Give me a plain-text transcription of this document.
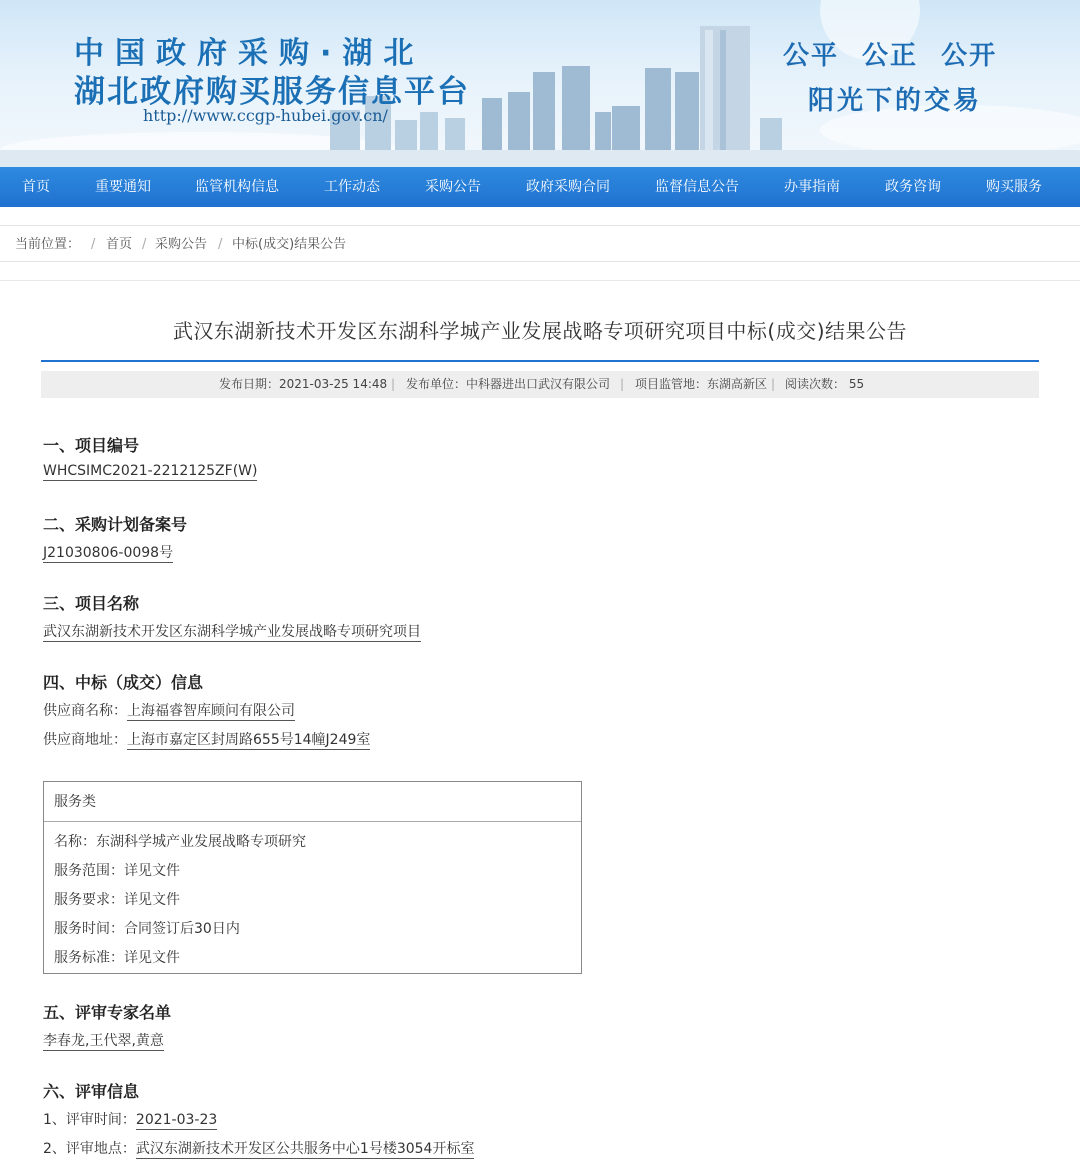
中国政府采购·湖北
湖北政府购买服务信息平台
http://www.ccgp-hubei.gov.cn/
公平 公正 公开
阳光下的交易
首页	重要通知	监管机构信息	工作动态	采购公告	政府采购合同	监督信息公告	办事指南	政务咨询	购买服务
当前位置： / 首页 / 采购公告 / 中标(成交)结果公告
武汉东湖新技术开发区东湖科学城产业发展战略专项研究项目中标(成交)结果公告
发布日期：2021-03-25 14:48 | 发布单位：中科器进出口武汉有限公司 | 项目监管地：东湖高新区 | 阅读次数： 55
一、项目编号
WHCSIMC2021-2212125ZF(W)
二、采购计划备案号
J21030806-0098号
三、项目名称
武汉东湖新技术开发区东湖科学城产业发展战略专项研究项目
四、中标（成交）信息
供应商名称：上海福睿智库顾问有限公司
供应商地址：上海市嘉定区封周路655号14幢J249室
服务类
名称：东湖科学城产业发展战略专项研究
服务范围：详见文件
服务要求：详见文件
服务时间：合同签订后30日内
服务标准：详见文件
五、评审专家名单
李春龙,王代翠,黄意
六、评审信息
1、评审时间：2021-03-23
2、评审地点：武汉东湖新技术开发区公共服务中心1号楼3054开标室
